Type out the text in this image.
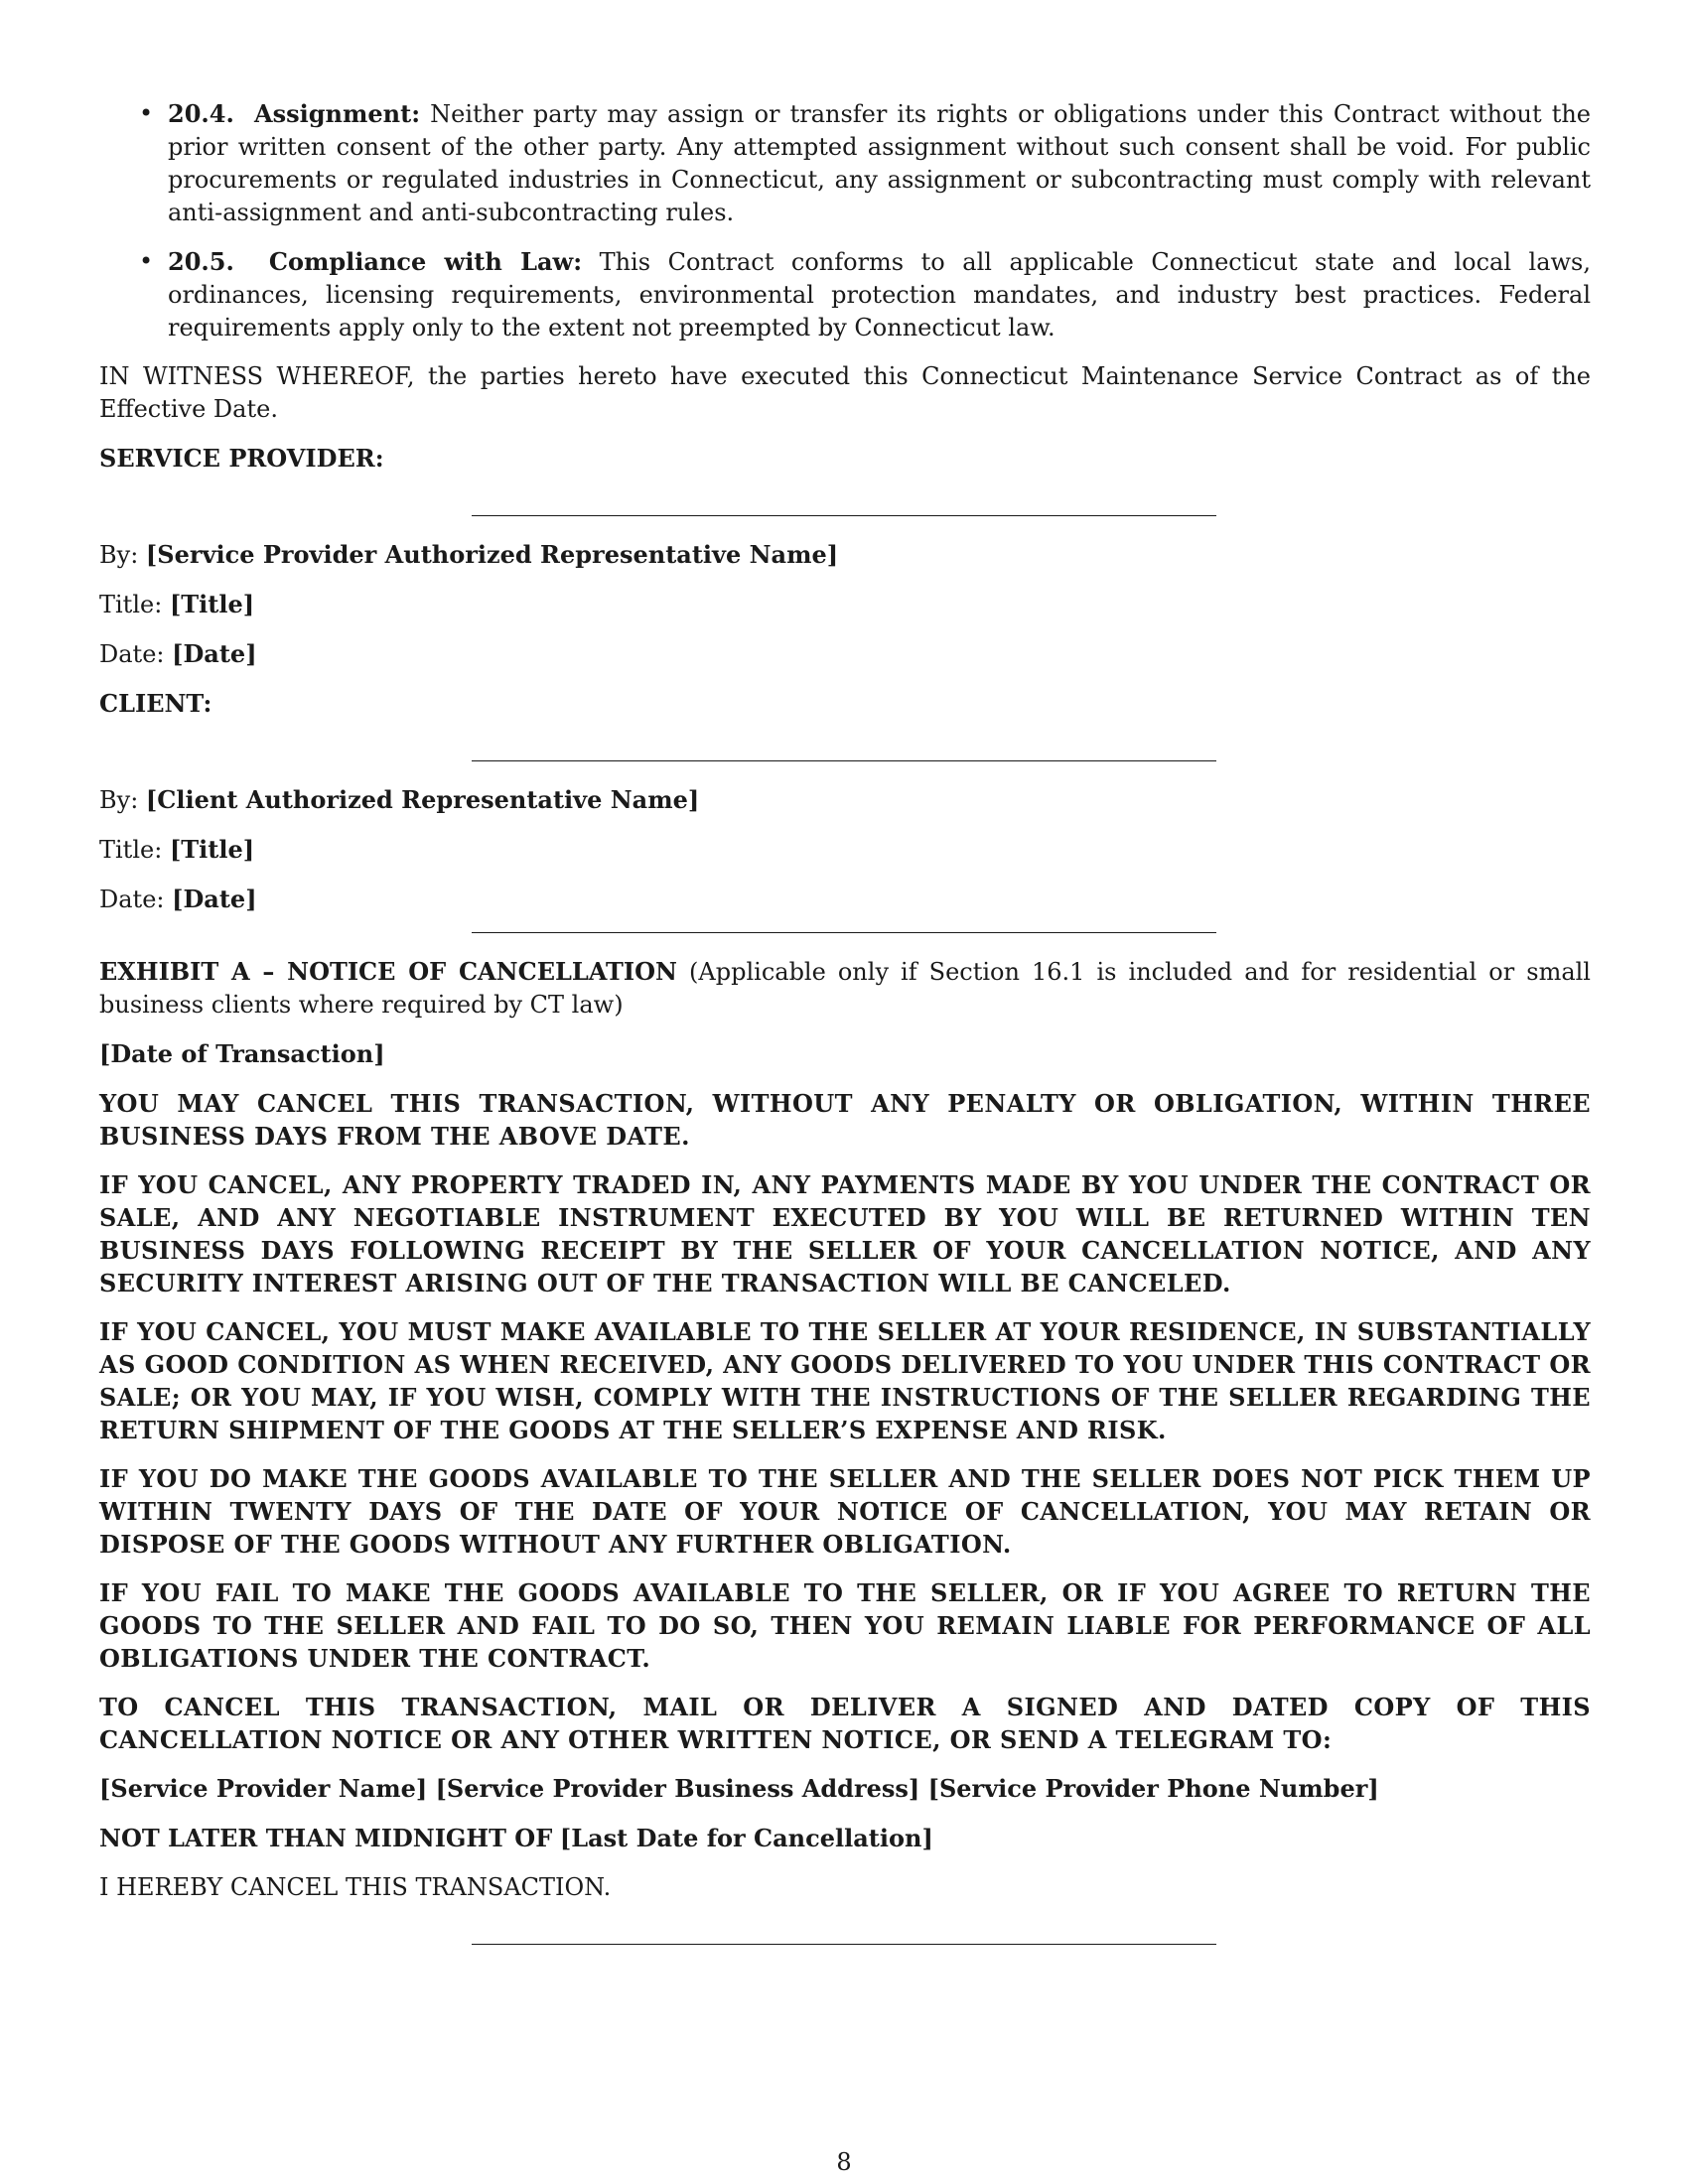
• 20.4. Assignment: Neither party may assign or transfer its rights or obligations under this Contract without the prior written consent of the other party. Any attempted assignment without such consent shall be void. For public procurements or regulated industries in Connecticut, any assignment or subcontracting must comply with relevant anti-assignment and anti-subcontracting rules.
• 20.5. Compliance with Law: This Contract conforms to all applicable Connecticut state and local laws, ordinances, licensing requirements, environmental protection mandates, and industry best practices. Federal requirements apply only to the extent not preempted by Connecticut law.

IN WITNESS WHEREOF, the parties hereto have executed this Connecticut Maintenance Service Contract as of the Effective Date.

SERVICE PROVIDER:

By: [Service Provider Authorized Representative Name]

Title: [Title]

Date: [Date]

CLIENT:

By: [Client Authorized Representative Name]

Title: [Title]

Date: [Date]

EXHIBIT A – NOTICE OF CANCELLATION (Applicable only if Section 16.1 is included and for residential or small business clients where required by CT law)

[Date of Transaction]

YOU MAY CANCEL THIS TRANSACTION, WITHOUT ANY PENALTY OR OBLIGATION, WITHIN THREE BUSINESS DAYS FROM THE ABOVE DATE.

IF YOU CANCEL, ANY PROPERTY TRADED IN, ANY PAYMENTS MADE BY YOU UNDER THE CONTRACT OR SALE, AND ANY NEGOTIABLE INSTRUMENT EXECUTED BY YOU WILL BE RETURNED WITHIN TEN BUSINESS DAYS FOLLOWING RECEIPT BY THE SELLER OF YOUR CANCELLATION NOTICE, AND ANY SECURITY INTEREST ARISING OUT OF THE TRANSACTION WILL BE CANCELED.

IF YOU CANCEL, YOU MUST MAKE AVAILABLE TO THE SELLER AT YOUR RESIDENCE, IN SUBSTANTIALLY AS GOOD CONDITION AS WHEN RECEIVED, ANY GOODS DELIVERED TO YOU UNDER THIS CONTRACT OR SALE; OR YOU MAY, IF YOU WISH, COMPLY WITH THE INSTRUCTIONS OF THE SELLER REGARDING THE RETURN SHIPMENT OF THE GOODS AT THE SELLER’S EXPENSE AND RISK.

IF YOU DO MAKE THE GOODS AVAILABLE TO THE SELLER AND THE SELLER DOES NOT PICK THEM UP WITHIN TWENTY DAYS OF THE DATE OF YOUR NOTICE OF CANCELLATION, YOU MAY RETAIN OR DISPOSE OF THE GOODS WITHOUT ANY FURTHER OBLIGATION.

IF YOU FAIL TO MAKE THE GOODS AVAILABLE TO THE SELLER, OR IF YOU AGREE TO RETURN THE GOODS TO THE SELLER AND FAIL TO DO SO, THEN YOU REMAIN LIABLE FOR PERFORMANCE OF ALL OBLIGATIONS UNDER THE CONTRACT.

TO CANCEL THIS TRANSACTION, MAIL OR DELIVER A SIGNED AND DATED COPY OF THIS CANCELLATION NOTICE OR ANY OTHER WRITTEN NOTICE, OR SEND A TELEGRAM TO:

[Service Provider Name] [Service Provider Business Address] [Service Provider Phone Number]

NOT LATER THAN MIDNIGHT OF [Last Date for Cancellation]

I HEREBY CANCEL THIS TRANSACTION.

8
